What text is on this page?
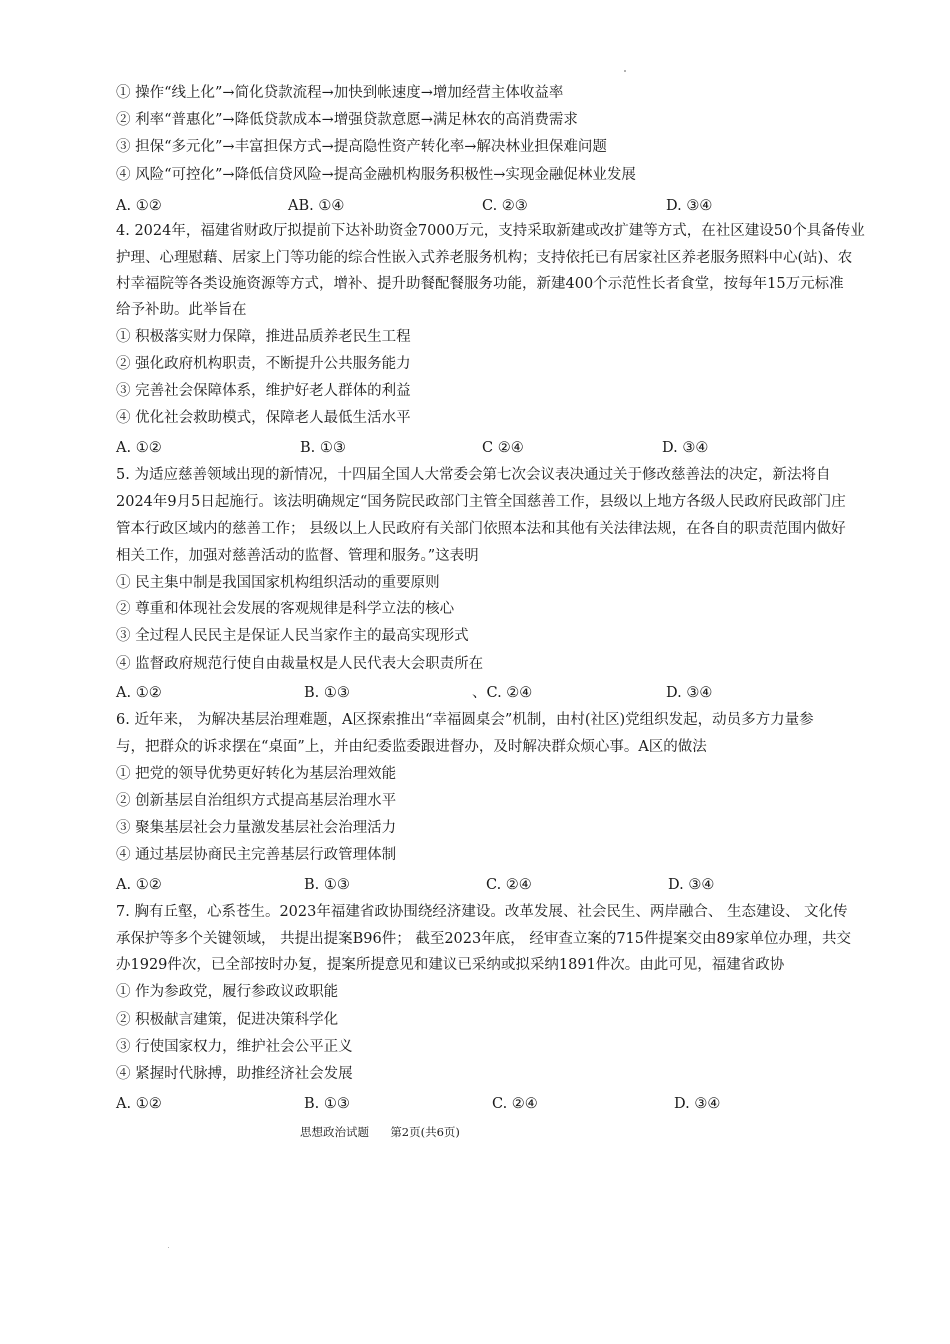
① 操作“线上化”→简化贷款流程→加快到帐速度→增加经营主体收益率
② 利率“普惠化”→降低贷款成本→增强贷款意愿→满足林农的高消费需求
③ 担保“多元化”→丰富担保方式→提高隐性资产转化率→解决林业担保难问题
④ 风险“可控化”→降低信贷风险→提高金融机构服务积极性→实现金融促林业发展
A. ①②	AB. ①④	C. ②③	D. ③④
4. 2024年，福建省财政厅拟提前下达补助资金7000万元，支持采取新建或改扩建等方式，在社区建设50个具备传业
护理、心理慰藉、居家上门等功能的综合性嵌入式养老服务机构；支持依托已有居家社区养老服务照料中心(站)、农
村幸福院等各类设施资源等方式，增补、提升助餐配餐服务功能，新建400个示范性长者食堂，按每年15万元标准
给予补助。此举旨在
① 积极落实财力保障，推进品质养老民生工程
② 强化政府机构职责，不断提升公共服务能力
③ 完善社会保障体系，维护好老人群体的利益
④ 优化社会救助模式，保障老人最低生活水平
A. ①②	B. ①③	C ②④	D. ③④
5. 为适应慈善领域出现的新情况，十四届全国人大常委会第七次会议表决通过关于修改慈善法的决定，新法将自
2024年9月5日起施行。该法明确规定“国务院民政部门主管全国慈善工作，县级以上地方各级人民政府民政部门庄
管本行政区域内的慈善工作； 县级以上人民政府有关部门依照本法和其他有关法律法规，在各自的职责范围内做好
相关工作，加强对慈善活动的监督、管理和服务。”这表明
① 民主集中制是我国国家机构组织活动的重要原则
② 尊重和体现社会发展的客观规律是科学立法的核心
③ 全过程人民民主是保证人民当家作主的最高实现形式
④ 监督政府规范行使自由裁量权是人民代表大会职责所在
A. ①②	B. ①③	、C. ②④	D. ③④
6. 近年来， 为解决基层治理难题，A区探索推出“幸福圆桌会”机制，由村(社区)党组织发起，动员多方力量参
与，把群众的诉求摆在“桌面”上，并由纪委监委跟进督办，及时解决群众烦心事。A区的做法
① 把党的领导优势更好转化为基层治理效能
② 创新基层自治组织方式提高基层治理水平
③ 聚集基层社会力量激发基层社会治理活力
④ 通过基层协商民主完善基层行政管理体制
A. ①②	B. ①③	C. ②④	D. ③④
7. 胸有丘壑，心系苍生。2023年福建省政协围绕经济建设。改革发展、社会民生、两岸融合、 生态建设、 文化传
承保护等多个关键领域， 共提出提案B96件； 截至2023年底， 经审查立案的715件提案交由89家单位办理，共交
办1929件次，已全部按时办复，提案所提意见和建议已采纳或拟采纳1891件次。由此可见，福建省政协
① 作为参政党，履行参政议政职能
② 积极献言建策，促进决策科学化
③ 行使国家权力，维护社会公平正义
④ 紧握时代脉搏，助推经济社会发展
A. ①②	B. ①③	C. ②④	D. ③④
思想政治试题 第2页(共6页)
